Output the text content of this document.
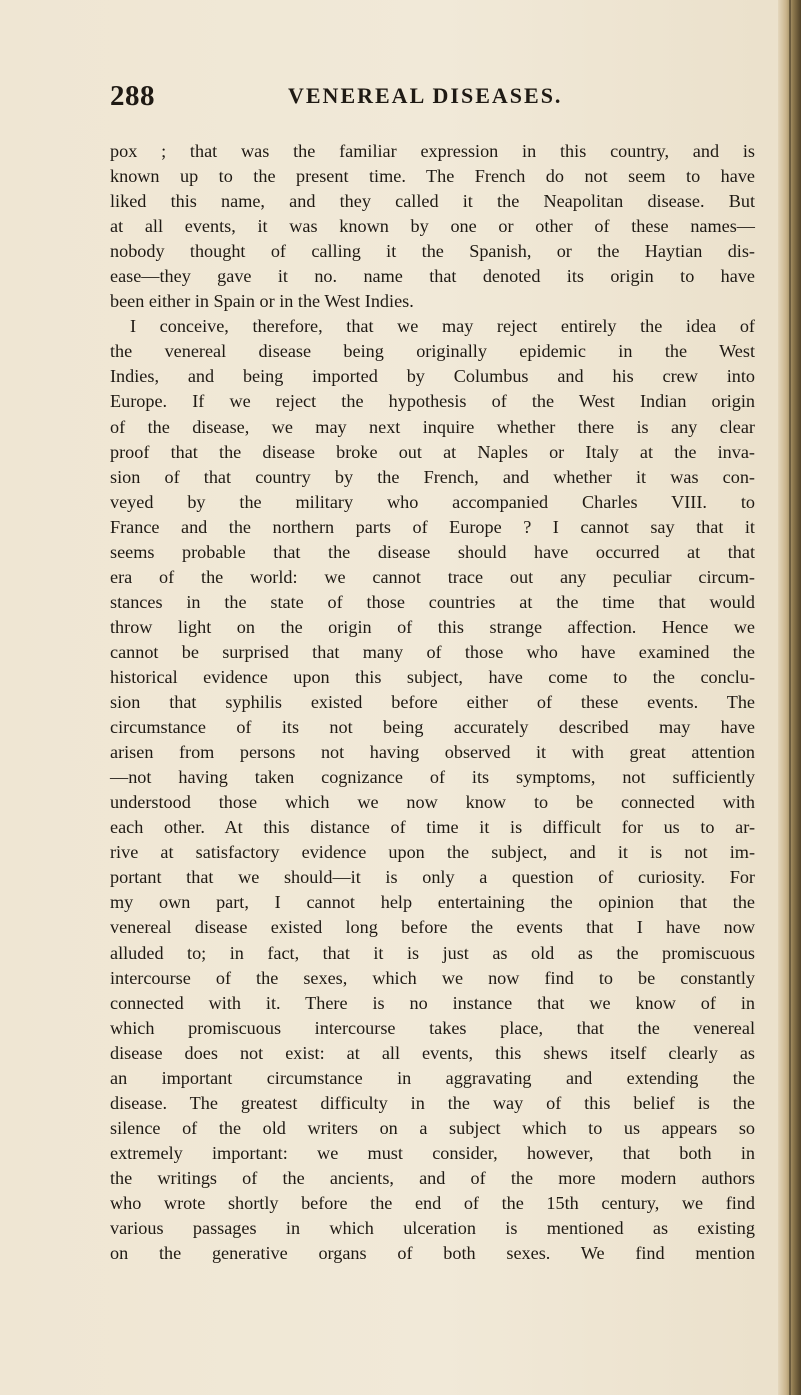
288	VENEREAL DISEASES.
pox ; that was the familiar expression in this country, and is
known up to the present time. The French do not seem to have
liked this name, and they called it the Neapolitan disease. But
at all events, it was known by one or other of these names—
nobody thought of calling it the Spanish, or the Haytian dis-
ease—they gave it no. name that denoted its origin to have
been either in Spain or in the West Indies.
I conceive, therefore, that we may reject entirely the idea of
the venereal disease being originally epidemic in the West
Indies, and being imported by Columbus and his crew into
Europe. If we reject the hypothesis of the West Indian origin
of the disease, we may next inquire whether there is any clear
proof that the disease broke out at Naples or Italy at the inva-
sion of that country by the French, and whether it was con-
veyed by the military who accompanied Charles VIII. to
France and the northern parts of Europe ? I cannot say that it
seems probable that the disease should have occurred at that
era of the world: we cannot trace out any peculiar circum-
stances in the state of those countries at the time that would
throw light on the origin of this strange affection. Hence we
cannot be surprised that many of those who have examined the
historical evidence upon this subject, have come to the conclu-
sion that syphilis existed before either of these events. The
circumstance of its not being accurately described may have
arisen from persons not having observed it with great attention
—not having taken cognizance of its symptoms, not sufficiently
understood those which we now know to be connected with
each other. At this distance of time it is difficult for us to ar-
rive at satisfactory evidence upon the subject, and it is not im-
portant that we should—it is only a question of curiosity. For
my own part, I cannot help entertaining the opinion that the
venereal disease existed long before the events that I have now
alluded to; in fact, that it is just as old as the promiscuous
intercourse of the sexes, which we now find to be constantly
connected with it. There is no instance that we know of in
which promiscuous intercourse takes place, that the venereal
disease does not exist: at all events, this shews itself clearly as
an important circumstance in aggravating and extending the
disease. The greatest difficulty in the way of this belief is the
silence of the old writers on a subject which to us appears so
extremely important: we must consider, however, that both in
the writings of the ancients, and of the more modern authors
who wrote shortly before the end of the 15th century, we find
various passages in which ulceration is mentioned as existing
on the generative organs of both sexes. We find mention
